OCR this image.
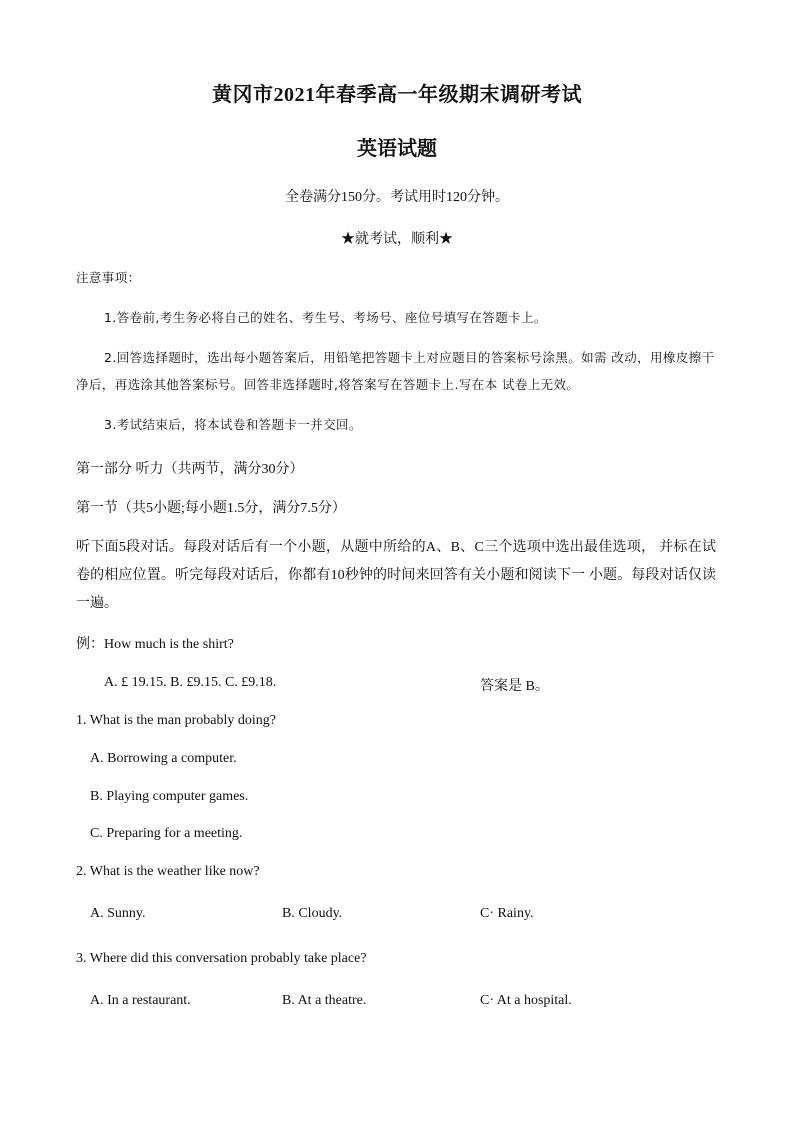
黄冈市2021年春季高一年级期末调研考试
英语试题
全卷满分150分。考试用时120分钟。
★就考试，顺利★
注意事项：
1.答卷前,考生务必将自己的姓名、考生号、考场号、座位号填写在答题卡上。
2.回答选择题时，选出每小题答案后，用铅笔把答题卡上对应题目的答案标号涂黑。如需 改动，用橡皮擦干净后，再选涂其他答案标号。回答非选择题时,将答案写在答题卡上.写在本 试卷上无效。
3.考试结束后，将本试卷和答题卡一并交回。
第一部分 听力（共两节，满分30分）
第一节（共5小题;每小题1.5分，满分7.5分）
听下面5段对话。每段对话后有一个小题，从题中所给的A、B、C三个选项中选出最佳选项， 并标在试卷的相应位置。听完每段对话后，你都有10秒钟的时间来回答有关小题和阅读下一 小题。每段对话仅读一遍。
例：How much is the shirt?
A. £ 19.15. B. £9.15. C. £9.18.	答案是 B。
1. What is the man probably doing?
A. Borrowing a computer.
B. Playing computer games.
C. Preparing for a meeting.
2. What is the weather like now?
A. Sunny.	B. Cloudy.	C· Rainy.
3. Where did this conversation probably take place?
A. In a restaurant.	B. At a theatre.	C· At a hospital.
